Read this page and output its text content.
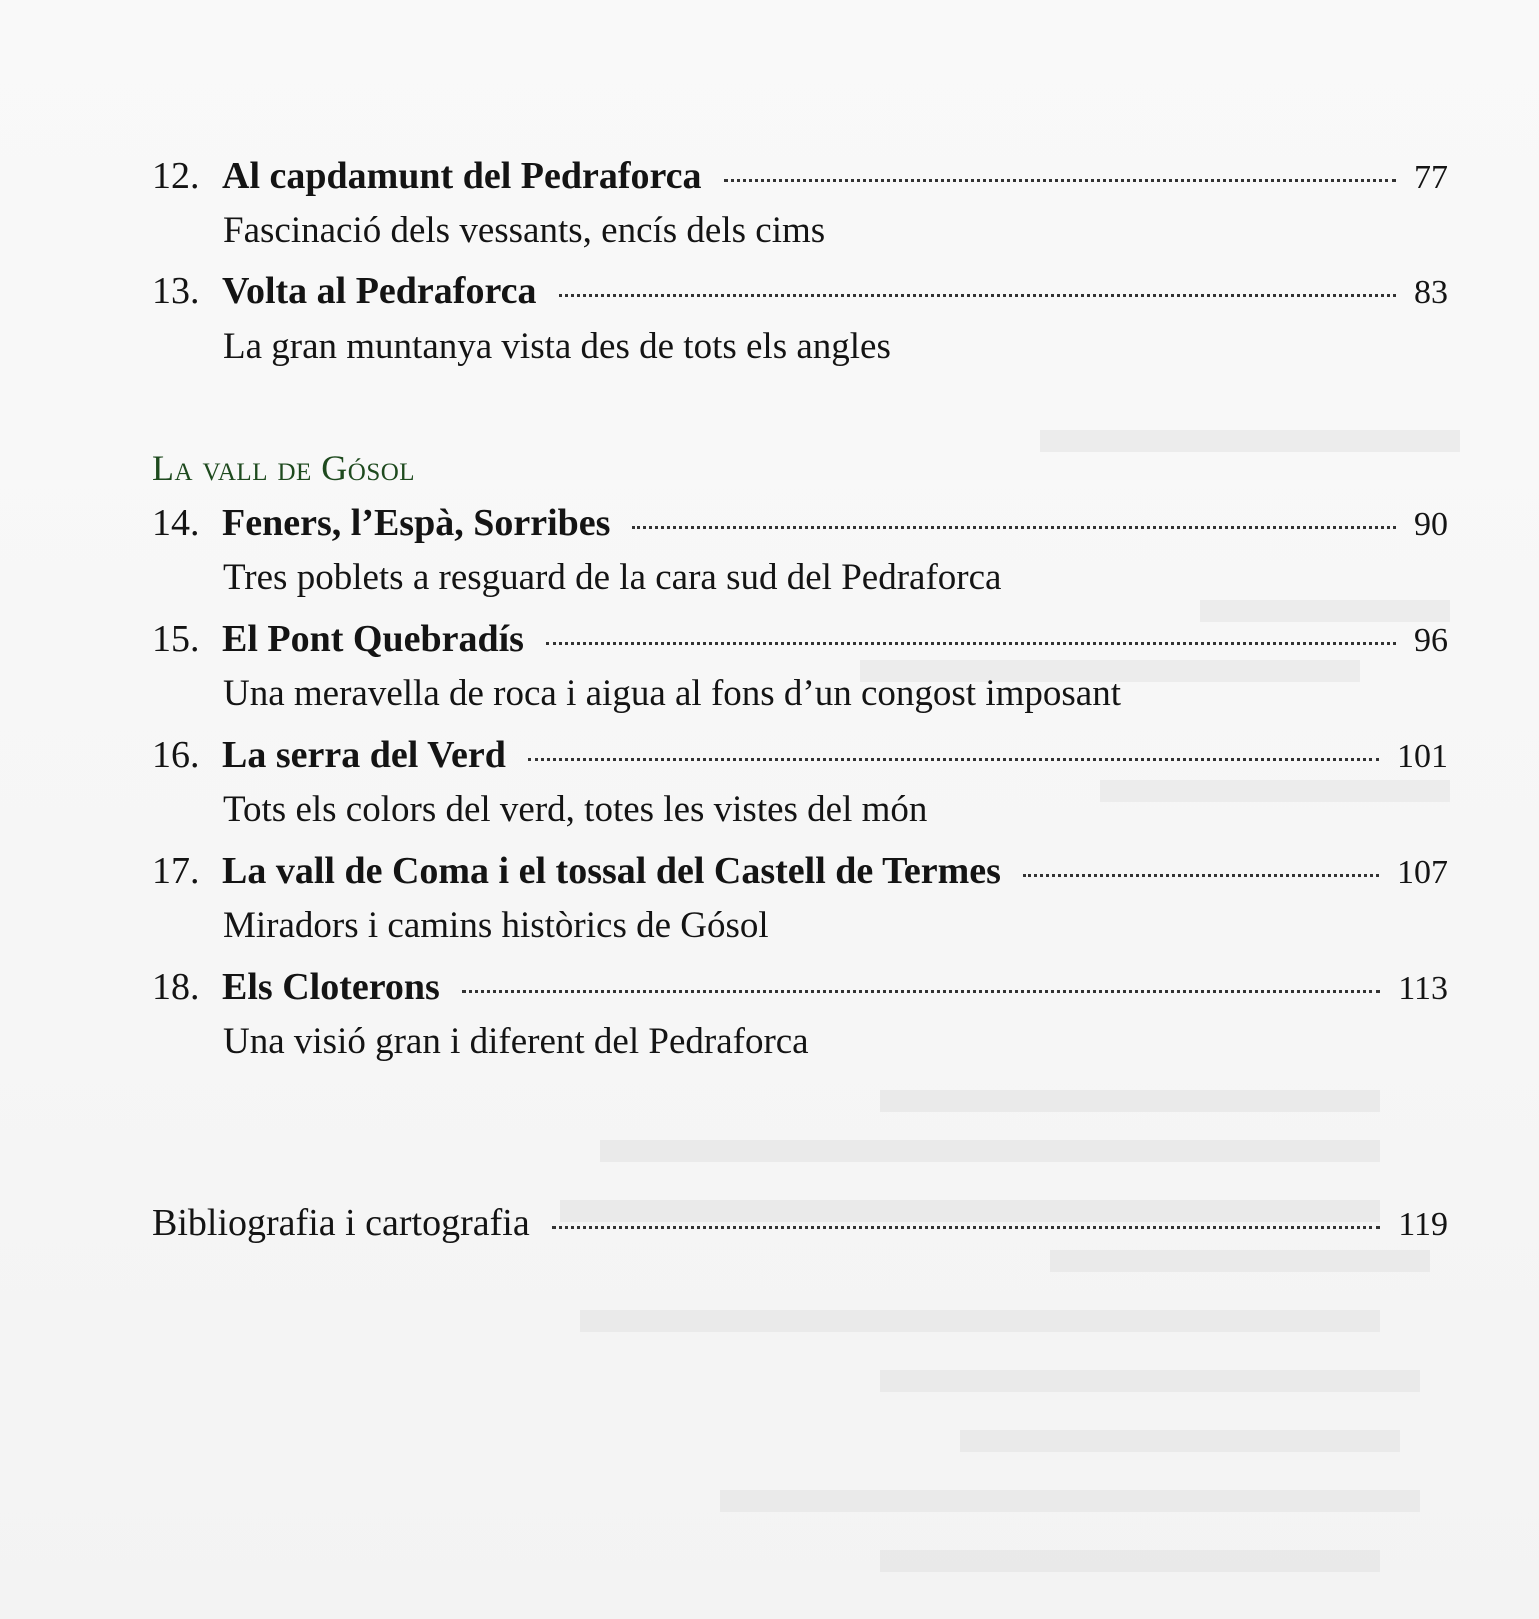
12. Al capdamunt del Pedraforca	77
Fascinació dels vessants, encís dels cims
13. Volta al Pedraforca	83
La gran muntanya vista des de tots els angles
La vall de Gósol
14. Feners, l’Espà, Sorribes	90
Tres poblets a resguard de la cara sud del Pedraforca
15. El Pont Quebradís	96
Una meravella de roca i aigua al fons d’un congost imposant
16. La serra del Verd	101
Tots els colors del verd, totes les vistes del món
17. La vall de Coma i el tossal del Castell de Termes	107
Miradors i camins històrics de Gósol
18. Els Cloterons	113
Una visió gran i diferent del Pedraforca
Bibliografia i cartografia	119
